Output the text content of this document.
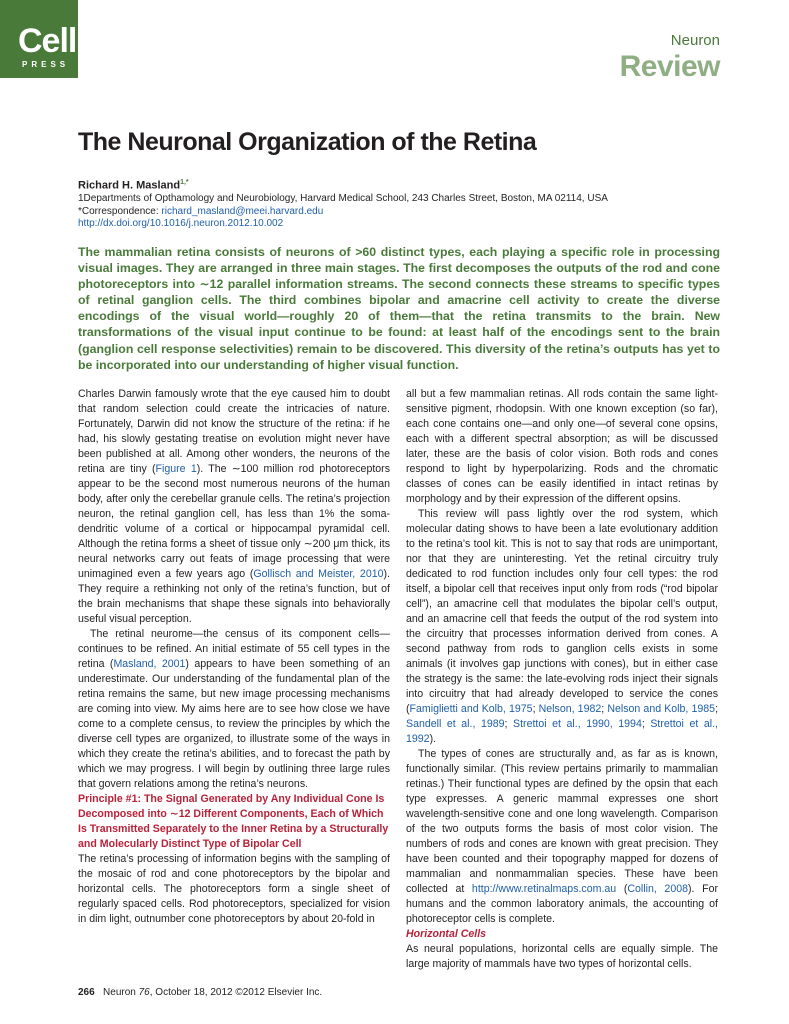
Cell
PRESS
Neuron
Review
The Neuronal Organization of the Retina
Richard H. Masland$^{1,*}$
1Departments of Opthamology and Neurobiology, Harvard Medical School, 243 Charles Street, Boston, MA 02114, USA
*Correspondence: richard_masland@meei.harvard.edu
http://dx.doi.org/10.1016/j.neuron.2012.10.002
The mammalian retina consists of neurons of >60 distinct types, each playing a specific role in processing visual images. They are arranged in three main stages. The first decomposes the outputs of the rod and cone photoreceptors into ∼12 parallel information streams. The second connects these streams to specific types of retinal ganglion cells. The third combines bipolar and amacrine cell activity to create the diverse encodings of the visual world—roughly 20 of them—that the retina transmits to the brain. New transformations of the visual input continue to be found: at least half of the encodings sent to the brain (ganglion cell response selectivities) remain to be discovered. This diversity of the retina’s outputs has yet to be incorporated into our understanding of higher visual function.

Charles Darwin famously wrote that the eye caused him to doubt that random selection could create the intricacies of nature. Fortunately, Darwin did not know the structure of the retina: if he had, his slowly gestating treatise on evolution might never have been published at all. Among other wonders, the neurons of the retina are tiny (Figure 1). The ∼100 million rod photoreceptors appear to be the second most numerous neurons of the human body, after only the cerebellar granule cells. The retina’s projection neuron, the retinal ganglion cell, has less than 1% the soma-dendritic volume of a cortical or hippocampal pyramidal cell. Although the retina forms a sheet of tissue only ∼200 μm thick, its neural networks carry out feats of image processing that were unimagined even a few years ago (Gollisch and Meister, 2010). They require a rethinking not only of the retina’s function, but of the brain mechanisms that shape these signals into behaviorally useful visual perception.

The retinal neurome—the census of its component cells—continues to be refined. An initial estimate of 55 cell types in the retina (Masland, 2001) appears to have been something of an underestimate. Our understanding of the fundamental plan of the retina remains the same, but new image processing mechanisms are coming into view. My aims here are to see how close we have come to a complete census, to review the principles by which the diverse cell types are organized, to illustrate some of the ways in which they create the retina’s abilities, and to forecast the path by which we may progress. I will begin by outlining three large rules that govern relations among the retina’s neurons.

Principle #1: The Signal Generated by Any Individual Cone Is Decomposed into ∼12 Different Components, Each of Which Is Transmitted Separately to the Inner Retina by a Structurally and Molecularly Distinct Type of Bipolar Cell

The retina’s processing of information begins with the sampling of the mosaic of rod and cone photoreceptors by the bipolar and horizontal cells. The photoreceptors form a single sheet of regularly spaced cells. Rod photoreceptors, specialized for vision in dim light, outnumber cone photoreceptors by about 20-fold in

all but a few mammalian retinas. All rods contain the same light-sensitive pigment, rhodopsin. With one known exception (so far), each cone contains one—and only one—of several cone opsins, each with a different spectral absorption; as will be discussed later, these are the basis of color vision. Both rods and cones respond to light by hyperpolarizing. Rods and the chromatic classes of cones can be easily identified in intact retinas by morphology and by their expression of the different opsins.

This review will pass lightly over the rod system, which molecular dating shows to have been a late evolutionary addition to the retina’s tool kit. This is not to say that rods are unimportant, nor that they are uninteresting. Yet the retinal circuitry truly dedicated to rod function includes only four cell types: the rod itself, a bipolar cell that receives input only from rods (“rod bipolar cell”), an amacrine cell that modulates the bipolar cell’s output, and an amacrine cell that feeds the output of the rod system into the circuitry that processes information derived from cones. A second pathway from rods to ganglion cells exists in some animals (it involves gap junctions with cones), but in either case the strategy is the same: the late-evolving rods inject their signals into circuitry that had already developed to service the cones (Famiglietti and Kolb, 1975; Nelson, 1982; Nelson and Kolb, 1985; Sandell et al., 1989; Strettoi et al., 1990, 1994; Strettoi et al., 1992).

The types of cones are structurally and, as far as is known, functionally similar. (This review pertains primarily to mammalian retinas.) Their functional types are defined by the opsin that each type expresses. A generic mammal expresses one short wavelength-sensitive cone and one long wavelength. Comparison of the two outputs forms the basis of most color vision. The numbers of rods and cones are known with great precision. They have been counted and their topography mapped for dozens of mammalian and nonmammalian species. These have been collected at http://www.retinalmaps.com.au (Collin, 2008). For humans and the common laboratory animals, the accounting of photoreceptor cells is complete.

Horizontal Cells

As neural populations, horizontal cells are equally simple. The large majority of mammals have two types of horizontal cells.

266 Neuron 76, October 18, 2012 ©2012 Elsevier Inc.
